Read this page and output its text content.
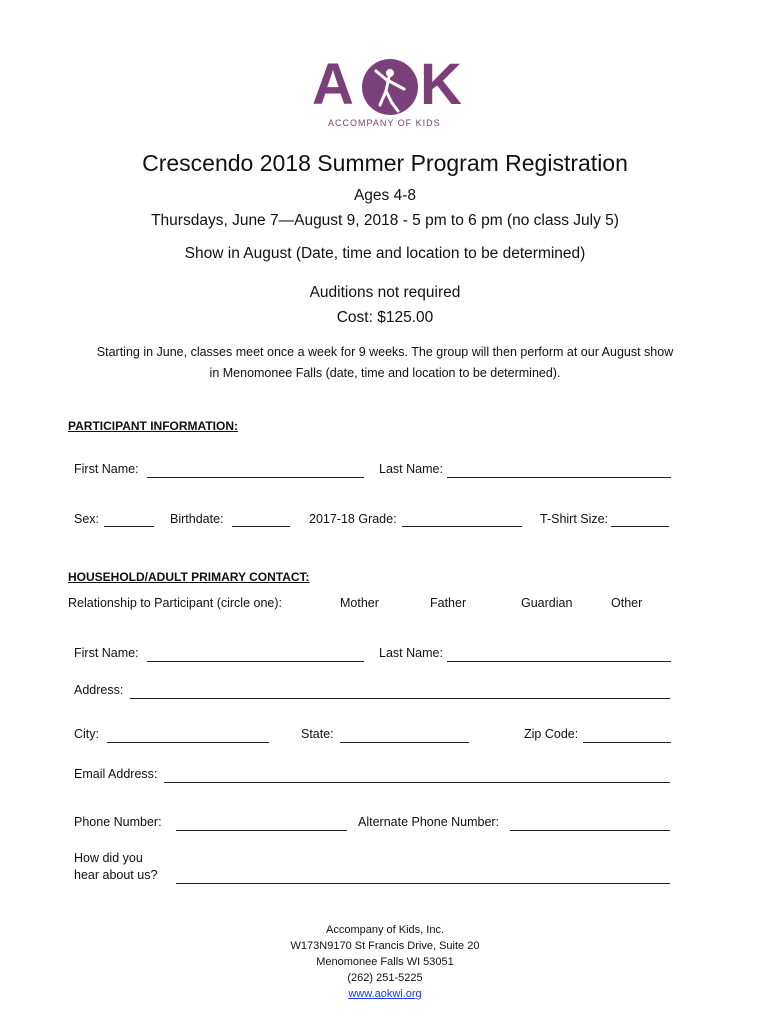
A K
ACCOMPANY OF KIDS
Crescendo 2018 Summer Program Registration
Ages 4-8
Thursdays, June 7—August 9, 2018 - 5 pm to 6 pm (no class July 5)
Show in August (Date, time and location to be determined)
Auditions not required
Cost: $125.00
Starting in June, classes meet once a week for 9 weeks. The group will then perform at our August show
in Menomonee Falls (date, time and location to be determined).
PARTICIPANT INFORMATION:
First Name:	Last Name:
Sex:	Birthdate:	2017-18 Grade:	T-Shirt Size:
HOUSEHOLD/ADULT PRIMARY CONTACT:
Relationship to Participant (circle one):	Mother	Father	Guardian	Other
First Name:	Last Name:
Address:
City:	State:	Zip Code:
Email Address:
Phone Number:	Alternate Phone Number:
How did you
hear about us?
Accompany of Kids, Inc.
W173N9170 St Francis Drive, Suite 20
Menomonee Falls WI 53051
(262) 251-5225
www.aokwi.org
